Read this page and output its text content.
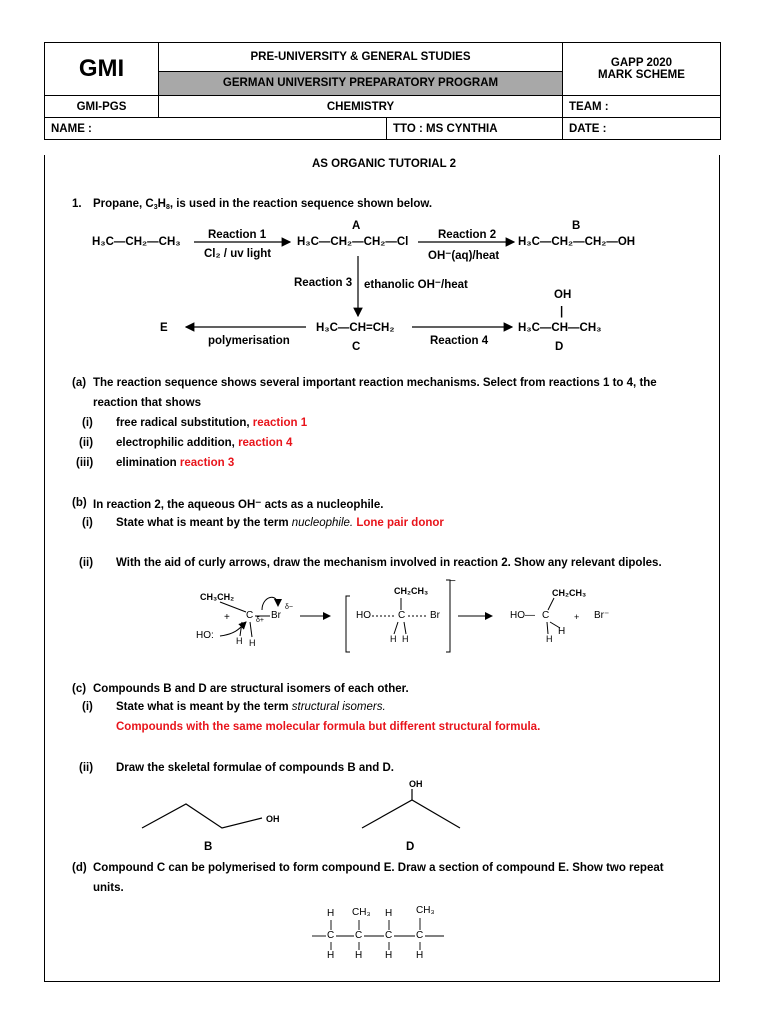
GMI	PRE-UNIVERSITY & GENERAL STUDIES		GAPP 2020
MARK SCHEME

	GERMAN UNIVERSITY PREPARATORY PROGRAM		
GMI-PGS	CHEMISTRY		TEAM :
NAME :		TTO : MS CYNTHIA	DATE :
AS ORGANIC TUTORIAL 2
1. Propane, C3H8, is used in the reaction sequence shown below.
H₃C—CH₂—CH₃
Reaction 1
Cl₂ / uv light
A
H₃C—CH₂—CH₂—Cl
Reaction 2
OH⁻(aq)/heat
B
H₃C—CH₂—CH₂—OH
Reaction 3 ethanolic OH⁻/heat
E
polymerisation
H₃C—CH=CH₂
C	Reaction 4
OH
|
H₃C—CH—CH₃
D
(a) The reaction sequence shows several important reaction mechanisms. Select from reactions 1 to 4, the
reaction that shows
(i) free radical substitution, reaction 1
(ii) electrophilic addition, reaction 4
(iii) elimination reaction 3
(b) In reaction 2, the aqueous OH⁻ acts as a nucleophile.
(i) State what is meant by the term nucleophile. Lone pair donor
(ii) With the aid of curly arrows, draw the mechanism involved in reaction 2. Show any relevant dipoles.
CH₃CH₂
+ C δ+ Br
δ−
HO: H H
CH₂CH₃
HO	C Br
H H
−
CH₂CH₃
HO— C
H
H
+ Br⁻
(c) Compounds B and D are structural isomers of each other.
(i) State what is meant by the term structural isomers.
Compounds with the same molecular formula but different structural formula.
(ii) Draw the skeletal formulae of compounds B and D.
OH
B
OH
D
(d) Compound C can be polymerised to form compound E. Draw a section of compound E. Show two repeat
units.
H CH₃ H CH₃
C C C C
H H H H
